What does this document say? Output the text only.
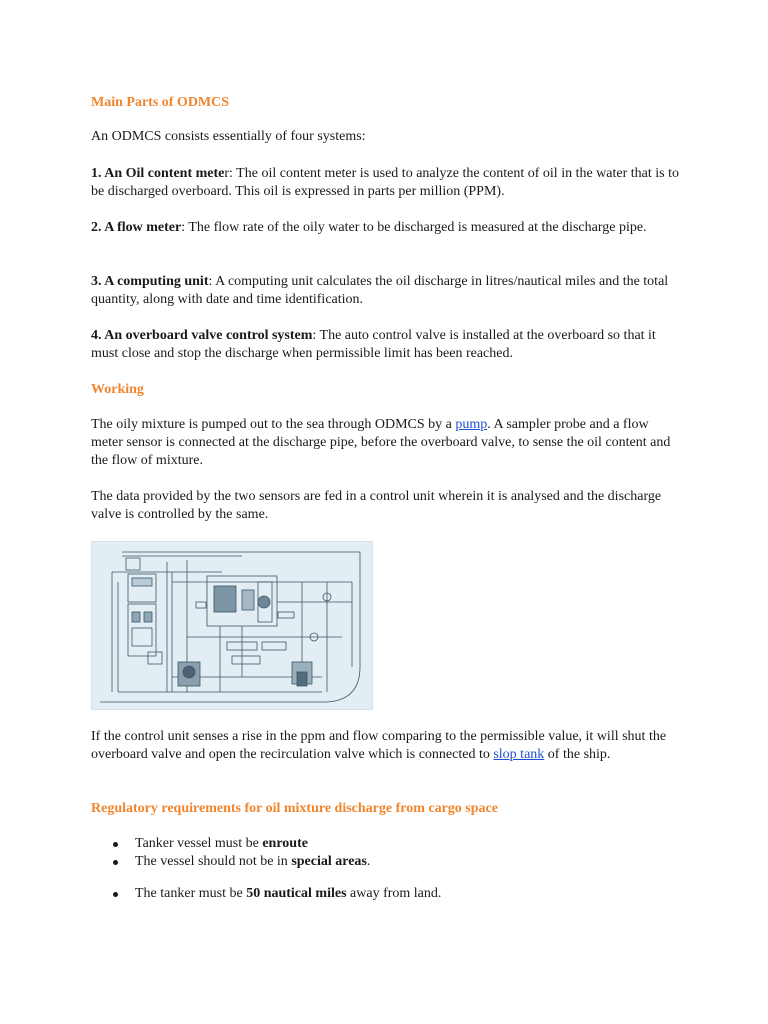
Main Parts of ODMCS
An ODMCS consists essentially of four systems:
1. An Oil content meter: The oil content meter is used to analyze the content of oil in the water that is to be discharged overboard. This oil is expressed in parts per million (PPM).
2. A flow meter: The flow rate of the oily water to be discharged is measured at the discharge pipe.
3. A computing unit: A computing unit calculates the oil discharge in litres/nautical miles and the total quantity, along with date and time identification.
4. An overboard valve control system: The auto control valve is installed at the overboard so that it must close and stop the discharge when permissible limit has been reached.
Working
The oily mixture is pumped out to the sea through ODMCS by a pump. A sampler probe and a flow meter sensor is connected at the discharge pipe, before the overboard valve, to sense the oil content and the flow of mixture.
The data provided by the two sensors are fed in a control unit wherein it is analysed and the discharge valve is controlled by the same.
If the control unit senses a rise in the ppm and flow comparing to the permissible value, it will shut the overboard valve and open the recirculation valve which is connected to slop tank of the ship.
Regulatory requirements for oil mixture discharge from cargo space
Tanker vessel must be enroute
The vessel should not be in special areas.
The tanker must be 50 nautical miles away from land.
